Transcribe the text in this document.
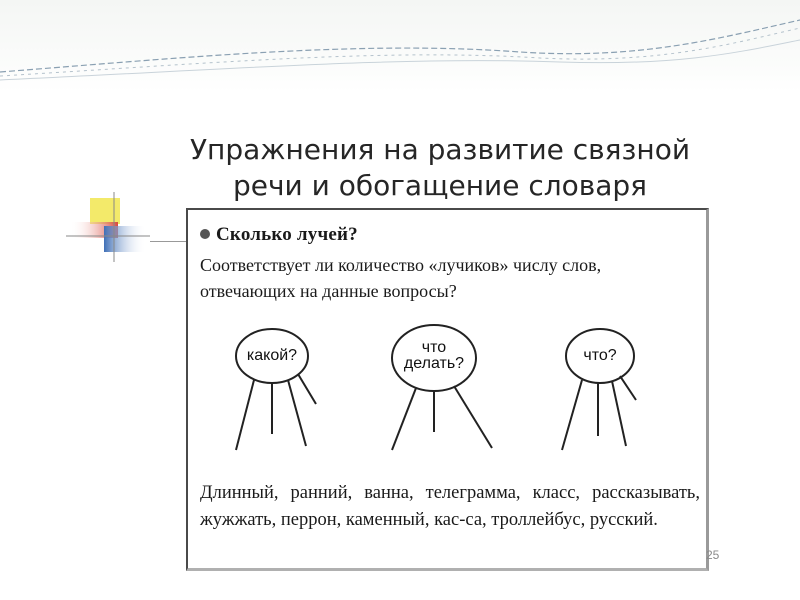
Упражнения на развитие связной
речи и обогащение словаря
Сколько лучей?
Соответствует ли количество «лучиков» числу слов, отвечающих на данные вопросы?
какой?	что
делать?	что?
Длинный, ранний, ванна, телеграмма, класс, рассказывать, жужжать, перрон, каменный, кас-са, троллейбус, русский.
25
